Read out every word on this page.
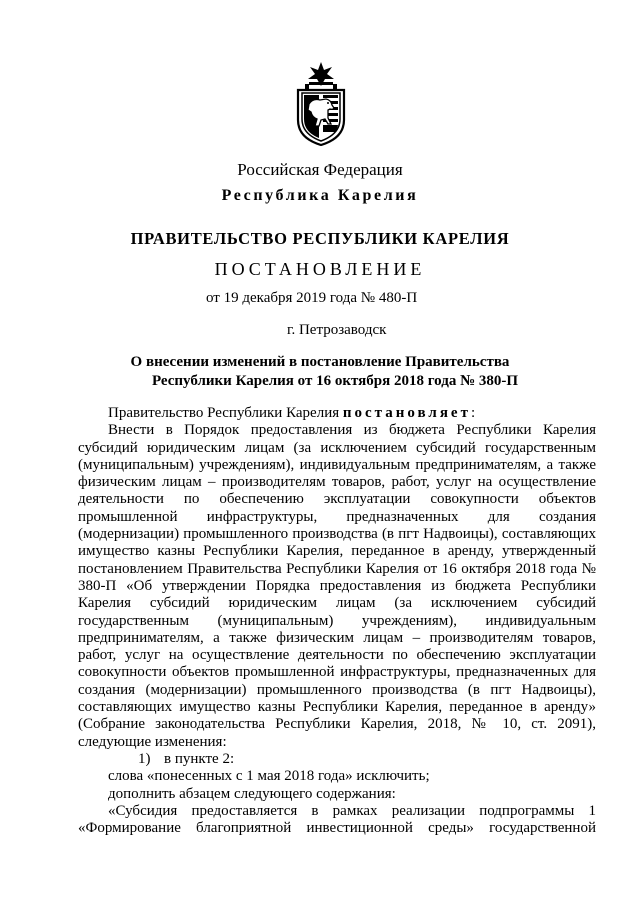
Российская Федерация
Республика Карелия
ПРАВИТЕЛЬСТВО РЕСПУБЛИКИ КАРЕЛИЯ
ПОСТАНОВЛЕНИЕ
от 19 декабря 2019 года № 480-П
г. Петрозаводск
О внесении изменений в постановление Правительства
Республики Карелия от 16 октября 2018 года № 380-П

Правительство Республики Карелия постановляет:

Внести в Порядок предоставления из бюджета Республики Карелия субсидий юридическим лицам (за исключением субсидий государственным (муниципальным) учреждениям), индивидуальным предпринимателям, а также физическим лицам – производителям товаров, работ, услуг на осуществление деятельности по обеспечению эксплуатации совокупности объектов промышленной инфраструктуры, предназначенных для создания (модернизации) промышленного производства (в пгт Надвоицы), составляющих имущество казны Республики Карелия, переданное в аренду, утвержденный постановлением Правительства Республики Карелия от 16 октября 2018 года № 380-П «Об утверждении Порядка предоставления из бюджета Республики Карелия субсидий юридическим лицам (за исключением субсидий государственным (муниципальным) учреждениям), индивидуальным предпринимателям, а также физическим лицам – производителям товаров, работ, услуг на осуществление деятельности по обеспечению эксплуатации совокупности объектов промышленной инфраструктуры, предназначенных для создания (модернизации) промышленного производства (в пгт Надвоицы), составляющих имущество казны Республики Карелия, переданное в аренду» (Собрание законодательства Республики Карелия, 2018, № 10, ст. 2091), следующие изменения:

1) в пункте 2:

слова «понесенных с 1 мая 2018 года» исключить;

дополнить абзацем следующего содержания:

«Субсидия предоставляется в рамках реализации подпрограммы 1

«Формирование благоприятной инвестиционной среды» государственной
